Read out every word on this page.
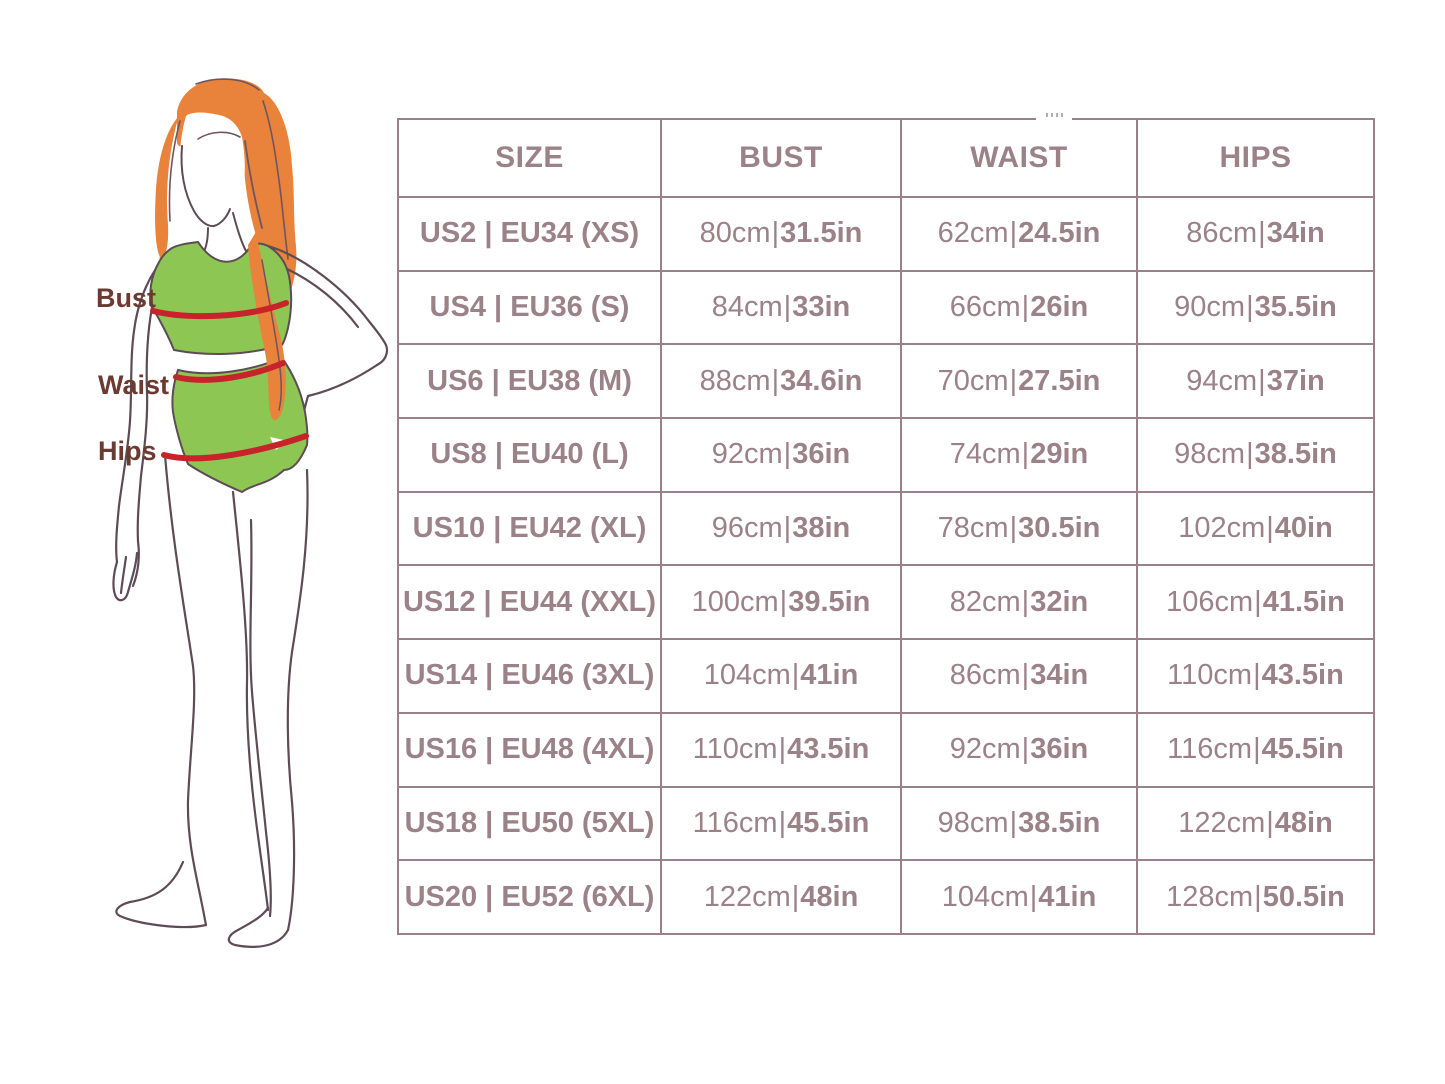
Bust
Waist
Hips
SIZE	BUST	WAIST	HIPS
US2 | EU34 (XS)	80cm|31.5in	62cm|24.5in	86cm|34in
US4 | EU36 (S)	84cm|33in	66cm|26in	90cm|35.5in
US6 | EU38 (M)	88cm|34.6in	70cm|27.5in	94cm|37in
US8 | EU40 (L)	92cm|36in	74cm|29in	98cm|38.5in
US10 | EU42 (XL)	96cm|38in	78cm|30.5in	102cm|40in
US12 | EU44 (XXL)	100cm|39.5in	82cm|32in	106cm|41.5in
US14 | EU46 (3XL)	104cm|41in	86cm|34in	110cm|43.5in
US16 | EU48 (4XL)	110cm|43.5in	92cm|36in	116cm|45.5in
US18 | EU50 (5XL)	116cm|45.5in	98cm|38.5in	122cm|48in
US20 | EU52 (6XL)	122cm|48in	104cm|41in	128cm|50.5in
